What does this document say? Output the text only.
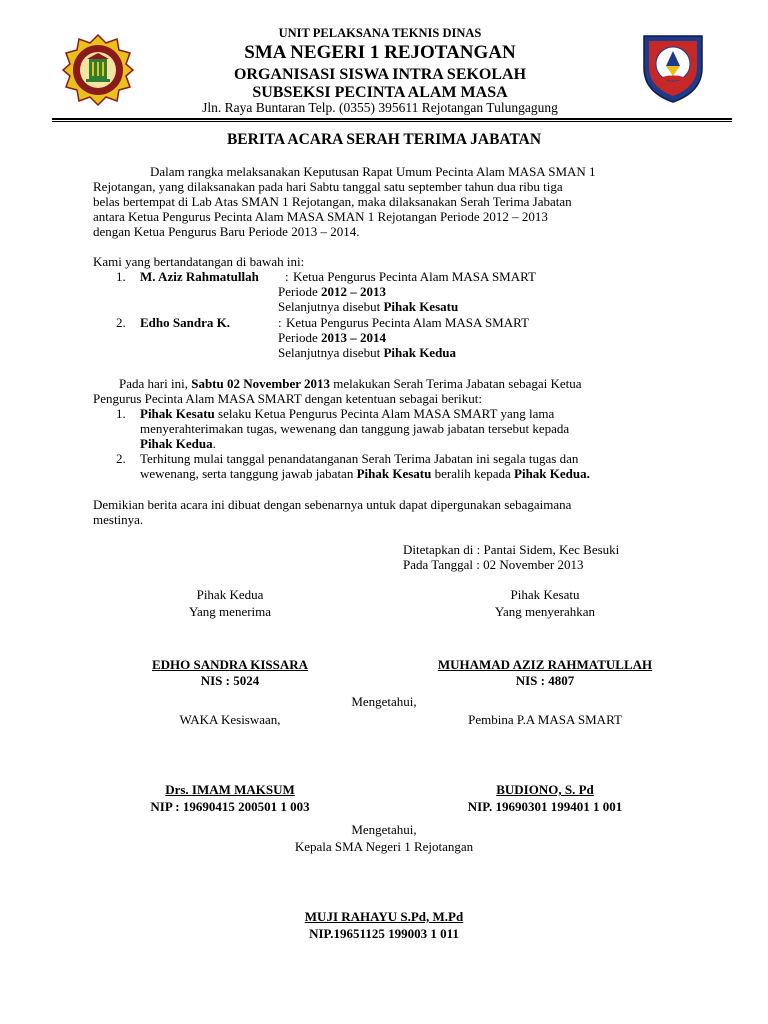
UNIT PELAKSANA TEKNIS DINAS
SMA NEGERI 1 REJOTANGAN
ORGANISASI SISWA INTRA SEKOLAH
SUBSEKSI PECINTA ALAM MASA
Jln. Raya Buntaran Telp. (0355) 395611 Rejotangan Tulungagung
BERITA ACARA SERAH TERIMA JABATAN
Dalam rangka melaksanakan Keputusan Rapat Umum Pecinta Alam MASA SMAN 1
Rejotangan, yang dilaksanakan pada hari Sabtu tanggal satu september tahun dua ribu tiga
belas bertempat di Lab Atas SMAN 1 Rejotangan, maka dilaksanakan Serah Terima Jabatan
antara Ketua Pengurus Pecinta Alam MASA SMAN 1 Rejotangan Periode 2012 – 2013
dengan Ketua Pengurus Baru Periode 2013 – 2014.
Kami yang bertandatangan di bawah ini:
1. M. Aziz Rahmatullah : Ketua Pengurus Pecinta Alam MASA SMART
Periode 2012 – 2013
Selanjutnya disebut Pihak Kesatu
2. Edho Sandra K.	: Ketua Pengurus Pecinta Alam MASA SMART
Periode 2013 – 2014
Selanjutnya disebut Pihak Kedua
Pada hari ini, Sabtu 02 November 2013 melakukan Serah Terima Jabatan sebagai Ketua
Pengurus Pecinta Alam MASA SMART dengan ketentuan sebagai berikut:
1. Pihak Kesatu selaku Ketua Pengurus Pecinta Alam MASA SMART yang lama
menyerahterimakan tugas, wewenang dan tanggung jawab jabatan tersebut kepada
Pihak Kedua.
2. Terhitung mulai tanggal penandatanganan Serah Terima Jabatan ini segala tugas dan
wewenang, serta tanggung jawab jabatan Pihak Kesatu beralih kepada Pihak Kedua.
Demikian berita acara ini dibuat dengan sebenarnya untuk dapat dipergunakan sebagaimana
mestinya.
Ditetapkan di : Pantai Sidem, Kec Besuki
Pada Tanggal : 02 November 2013
Pihak Kedua
Yang menerima
Pihak Kesatu
Yang menyerahkan
EDHO SANDRA KISSARA
NIS : 5024
MUHAMAD AZIZ RAHMATULLAH
NIS : 4807
Mengetahui,
WAKA Kesiswaan,	Pembina P.A MASA SMART
Drs. IMAM MAKSUM
NIP : 19690415 200501 1 003
BUDIONO, S. Pd
NIP. 19690301 199401 1 001
Mengetahui,
Kepala SMA Negeri 1 Rejotangan
MUJI RAHAYU S.Pd, M.Pd
NIP.19651125 199003 1 011
